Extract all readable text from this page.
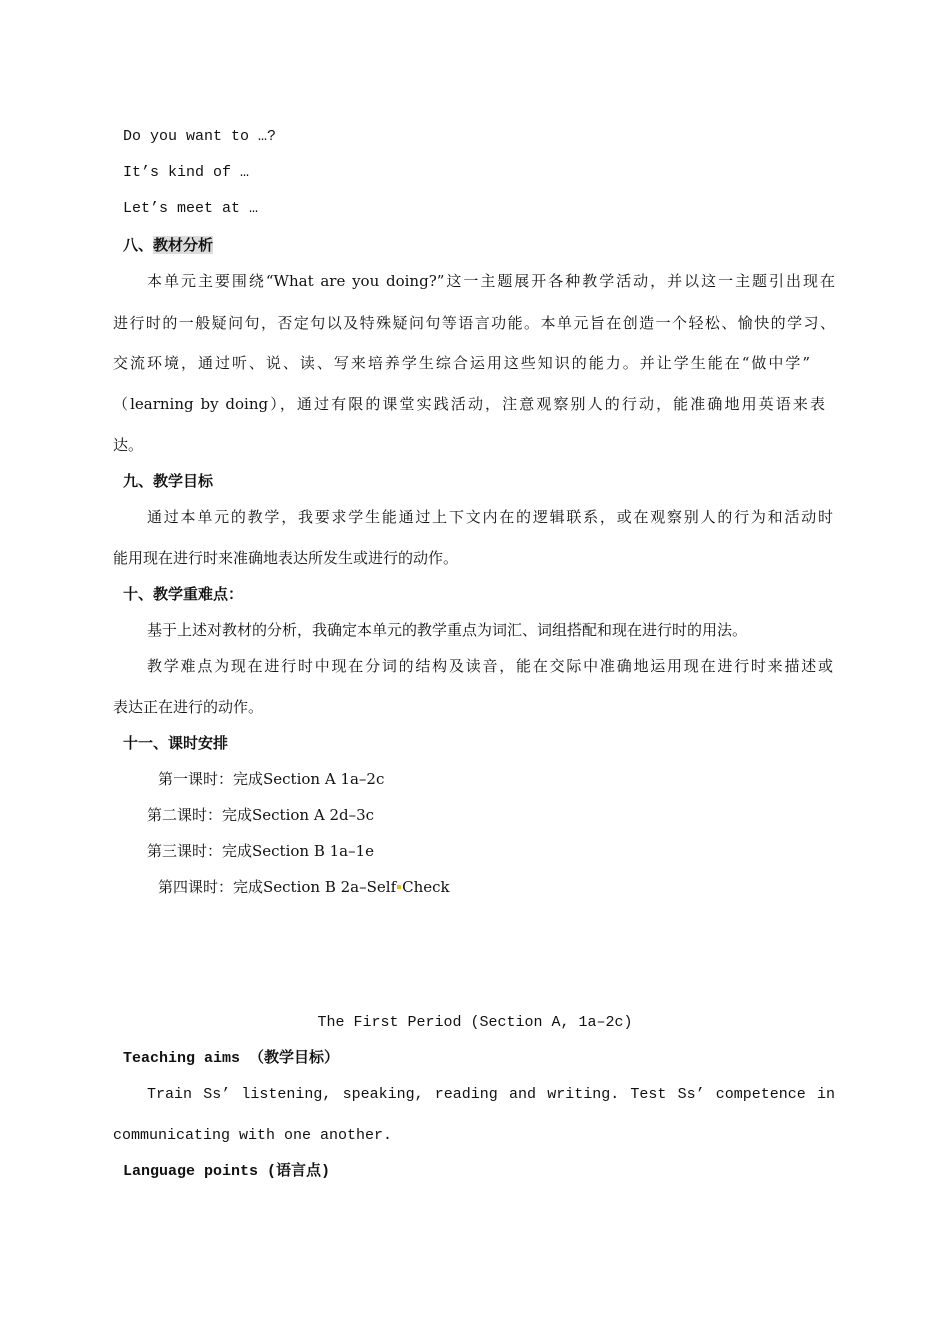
Do you want to …?
It’s kind of …
Let’s meet at …
八、教材分析
本单元主要围绕“What are you doing?”这一主题展开各种教学活动，并以这一主题引出现在
进行时的一般疑问句，否定句以及特殊疑问句等语言功能。本单元旨在创造一个轻松、愉快的学习、
交流环境，通过听、说、读、写来培养学生综合运用这些知识的能力。并让学生能在“做中学”
（learning by doing），通过有限的课堂实践活动，注意观察别人的行动，能准确地用英语来表
达。
九、教学目标
通过本单元的教学，我要求学生能通过上下文内在的逻辑联系，或在观察别人的行为和活动时
能用现在进行时来准确地表达所发生或进行的动作。
十、教学重难点：
基于上述对教材的分析，我确定本单元的教学重点为词汇、词组搭配和现在进行时的用法。
教学难点为现在进行时中现在分词的结构及读音，能在交际中准确地运用现在进行时来描述或
表达正在进行的动作。
十一、课时安排
第一课时：完成Section A 1a–2c
第二课时：完成Section A 2d–3c
第三课时：完成Section B 1a–1e
第四课时：完成Section B 2a–Self Check
The First Period (Section A, 1a–2c)
Teaching aims （教学目标）
Train Ss’ listening, speaking, reading and writing. Test Ss’ competence in
communicating with one another.
Language points (语言点)
